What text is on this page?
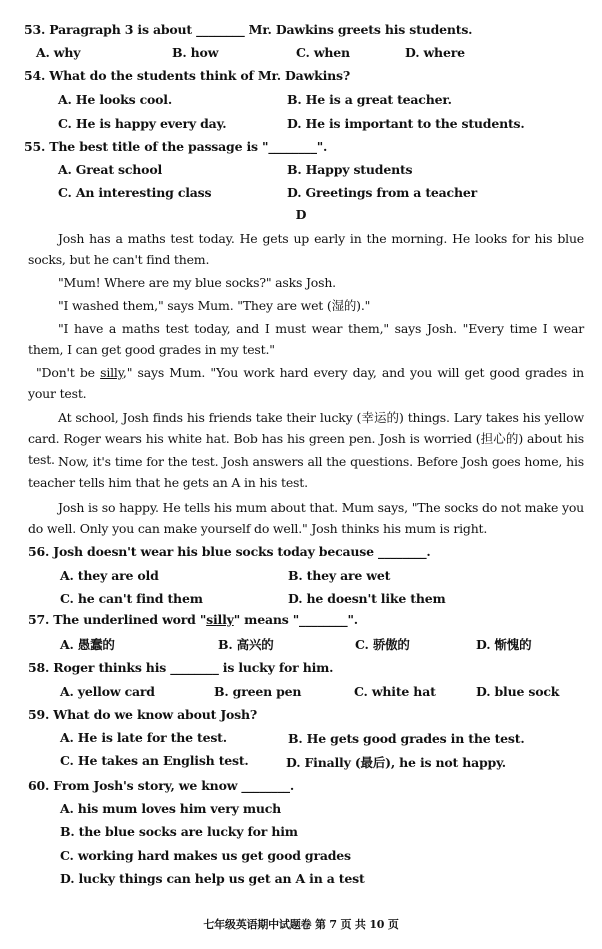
53. Paragraph 3 is about ________ Mr. Dawkins greets his students.
A. why	B. how	C. when	D. where
54. What do the students think of Mr. Dawkins?
A. He looks cool.	B. He is a great teacher.
C. He is happy every day.	D. He is important to the students.
55. The best title of the passage is "________".
A. Great school	B. Happy students
C. An interesting class	D. Greetings from a teacher
D

Josh has a maths test today. He gets up early in the morning. He looks for his blue socks, but he can't find them.

"Mum! Where are my blue socks?" asks Josh.

"I washed them," says Mum. "They are wet (湿的)."

"I have a maths test today, and I must wear them," says Josh. "Every time I wear them, I can get good grades in my test."

"Don't be silly," says Mum. "You work hard every day, and you will get good grades in your test.

At school, Josh finds his friends take their lucky (幸运的) things. Lary takes his yellow card. Roger wears his white hat. Bob has his green pen. Josh is worried (担心的) about his test. Now, it's time for the test. Josh answers all the questions. Before Josh goes home, his teacher tells him that he gets an A in his test.

Josh is so happy. He tells his mum about that. Mum says, "The socks do not make you do well. Only you can make yourself do well." Josh thinks his mum is right.

56. Josh doesn't wear his blue socks today because ________.
A. they are old	B. they are wet
C. he can't find them	D. he doesn't like them
57. The underlined word "silly" means "________".
A. 愚蠢的	B. 高兴的	C. 骄傲的	D. 惭愧的
58. Roger thinks his ________ is lucky for him.
A. yellow card	B. green pen	C. white hat	D. blue sock
59. What do we know about Josh?
A. He is late for the test.	B. He gets good grades in the test.
C. He takes an English test.	D. Finally (最后), he is not happy.
60. From Josh's story, we know ________.
A. his mum loves him very much
B. the blue socks are lucky for him
C. working hard makes us get good grades
D. lucky things can help us get an A in a test
七年级英语期中试题卷 第 7 页 共 10 页
